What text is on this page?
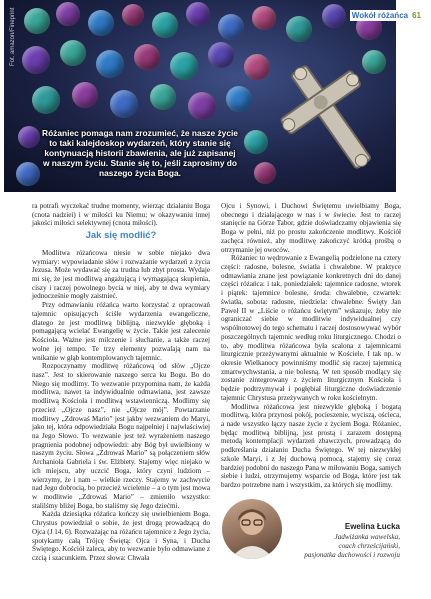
Fot. amazon/Fineprint
Różaniec pomaga nam zrozumieć, że nasze życie to taki kalejdoskop wydarzeń, który stanie się kontynuacją historii zbawienia, ale już zapisanej w naszym życiu. Stanie się to, jeśli zaprosimy do naszego życia Boga.
Wokół różańca 61

ra potrafi wyczekać trudne momenty, wierząc działaniu Boga (cnota nadziei) i w miłości ku Niemu; w okazywaniu innej jakości miłości selektywnej (cnota miłości).

Jak się modlić?

Modlitwa różańcowa niesie w sobie niejako dwa wymiary: wypowiadanie słów i rozważanie wydarzeń z życia Jezusa. Może wydawać się za trudna lub zbyt prosta. Wydaje mi się, że jest modlitwą angażującą i wymagającą skupienia, ciszy i raczej powolnego bycia w niej, aby te dwa wymiary jednocześnie mogły zaistnieć.

Przy odmawianiu różańca warto korzystać z opracowań tajemnic opisujących ściśle wydarzenia ewangeliczne, dlatego że jest modlitwą biblijną, niezwykle głęboką i pomagającą wcielać Ewangelię w życie. Takie jest zalecenie Kościoła. Ważne jest milczenie i słuchanie, a także raczej wolne jej tempo. Te trzy elementy pozwalają nam na wnikanie w głąb kontemplowanych tajemnic.

Rozpoczynamy modlitwę różańcową od słów „Ojcze nasz”. Jest to skierowanie naszego serca ku Bogu. Bo do Niego się modlimy. To wezwanie przypomina nam, że każda modlitwa, nawet ta indywidualnie odmawiana, jest zawsze modlitwą Kościoła i modlitwą wstawienniczą. Modlimy się przecież „Ojcze nasz”, nie „Ojcze mój”. Powtarzanie modlitwy „Zdrowaś Mario” jest jakby wezwaniem do Maryi, jako tej, która odpowiedziała Bogu najpełniej i najwłaściwiej na Jego Słowo. To wezwanie jest też wyrażeniem naszego pragnienia podobnej odpowiedzi: aby Bóg był uwielbiony w naszym życiu. Słowa „Zdrowaś Mario” są połączeniem słów Archanioła Gabriela i św. Elżbiety. Stajemy więc niejako w ich miejscu, aby uczcić Boga, który czyni ludziom – wierzymy, że i nam – wielkie rzeczy. Stajemy w zachwycie nad Jego dobrocią, bo przecież wcielenie – a o tym jest mowa w modlitwie „Zdrowaś Mario” – zmieniło wszystko: stalilśmy bliżej Boga, bo staliśmy się Jego dziećmi.

Każda dziesiątka różańca kończy się uwielbieniem Boga. Chrystus powiedział o sobie, że jest drogą prowadzącą do Ojca (J 14, 6). Rozważając na różańcu tajemnice z Jego życia, spotykamy całą Trójcę Świętą: Ojca i Syna, i Ducha Świętego. Kościół zaleca, aby to wezwanie było odmawiane z czcią i szacunkiem. Przez słowa: Chwała

Ojcu i Synowi, i Duchowi Świętemu uwielbiamy Boga, obecnego i działającego w nas i w świecie. Jest to raczej stanięcie na Górze Tabor, gdzie doświadczamy objawienia się Boga w pełni, niż po prostu zakończenie modlitwy. Kościół zachęca również, aby modlitwę zakończyć krótką prośbą o otrzymanie jej owoców.

Różaniec to wędrowanie z Ewangelią podzielone na cztery części: radosne, bolesne, światła i chwalebne. W praktyce odmawiania znane jest powiązanie konkretnych dni do danej części różańca: i tak, poniedziałek: tajemnice radosne, wtorek i piątek: tajemnice bolesne, środa: chwalebne, czwartek: światła, sobota: radosne, niedziela: chwalebne. Święty Jan Paweł II w „Liście o różańcu świętym” wskazuje, żeby nie ograniczać siebie w modlitwie indywidualnej czy wspólnotowej do tego schematu i raczej dostosowywać wybór poszczególnych tajemnic według roku liturgicznego. Chodzi o to, aby modlitwa różańcowa była scalona z tajemnicami liturgicznie przeżywanymi aktualnie w Kościele. I tak np. w okresie Wielkanocy powinniśmy modlić się raczej tajemnicą zmartwychwstania, a nie bolesną. W ten sposób modlący się zostanie zintegrowany z życiem liturgicznym Kościoła i będzie podtrzymywał i pogłębiał liturgiczne doświadczenie tajemnic Chrystusa przeżywanych w roku kościelnym.

Modlitwa różańcowa jest niezwykle głęboką i bogatą modlitwą, która przynosi pokój, pocieszenie, wyciszą, ościeca, a nade wszystko łączy nasze życie z życiem Boga. Różaniec, będąc modlitwą biblijną, jest prostą i zarazem dostępną metodą kontemplacji wydarzeń zbawczych, prowadzącą do podkreślania działaniu Ducha Świętego. W tej niezwykłej szkole Maryi, i z Jej duchową pomocą, stajemy się coraz bardziej podobni do naszego Pana w miłowaniu Boga, samych siebie i ludzi, otrzymujemy wsparcie od Boga, które jest tak bardzo potrzebne nam i wszystkim, za których się modlimy.

Ewelina Łucka
Jadwiżanka wawelska,
coach chrześcijański,
pasjonatka duchowości i rozwoju
